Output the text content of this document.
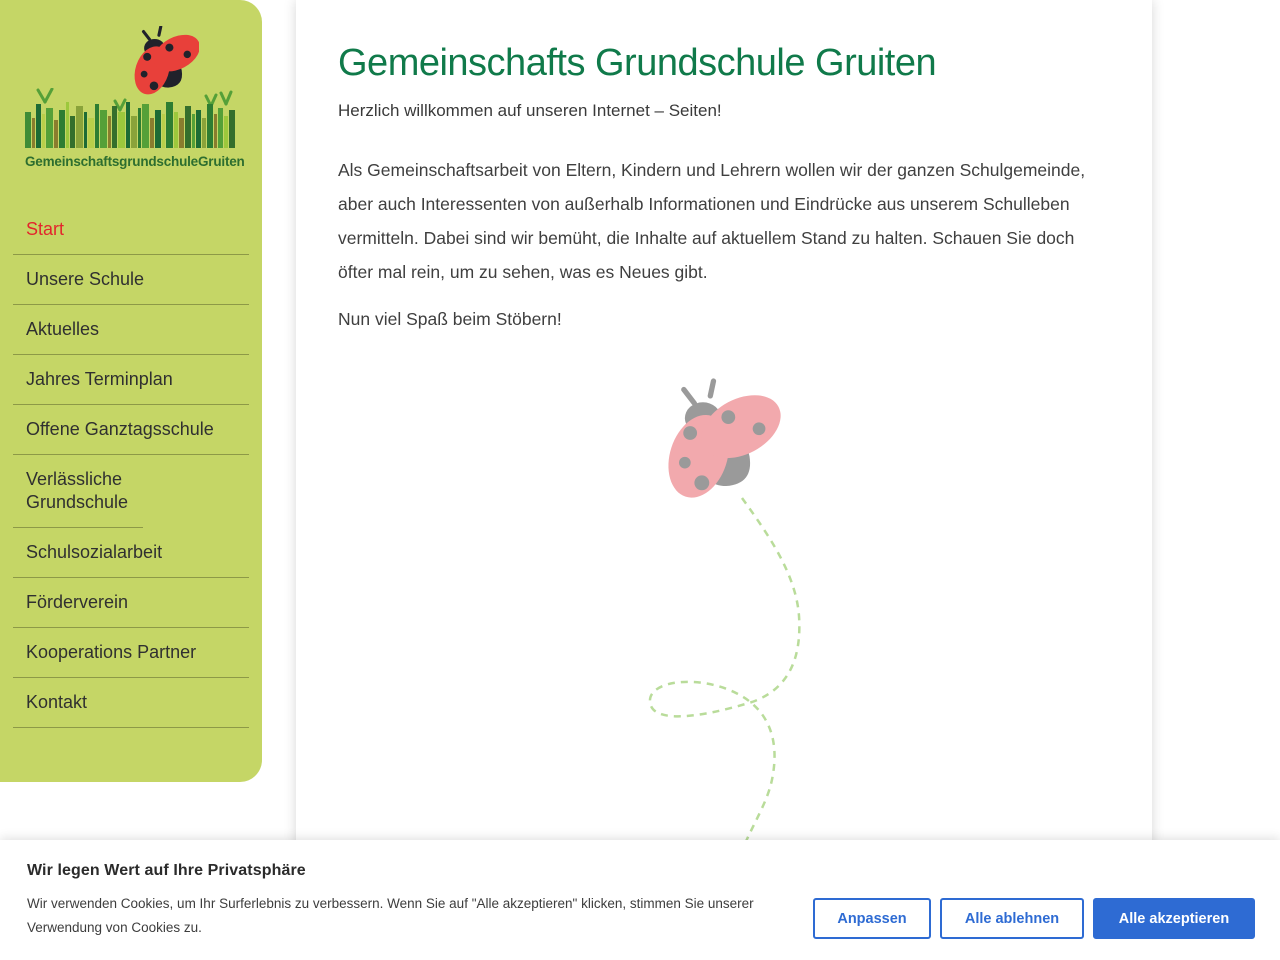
Gemeinschaftsgrundschule Gruiten
Start
Unsere Schule
Aktuelles
Jahres Terminplan
Offene Ganztagsschule
Verlässliche Grundschule
Schulsozialarbeit
Förderverein
Kooperations Partner
Kontakt
Gemeinschafts Grundschule Gruiten

Herzlich willkommen auf unseren Internet – Seiten!

Als Gemeinschaftsarbeit von Eltern, Kindern und Lehrern wollen wir der ganzen Schulgemeinde, aber auch Interessenten von außerhalb Informationen und Eindrücke aus unserem Schulleben vermitteln. Dabei sind wir bemüht, die Inhalte auf aktuellem Stand zu halten. Schauen Sie doch öfter mal rein, um zu sehen, was es Neues gibt.

Nun viel Spaß beim Stöbern!

Wir legen Wert auf Ihre Privatsphäre
Wir verwenden Cookies, um Ihr Surferlebnis zu verbessern. Wenn Sie auf "Alle akzeptieren" klicken, stimmen Sie unserer Verwendung von Cookies zu.
Anpassen	Alle ablehnen	Alle akzeptieren
